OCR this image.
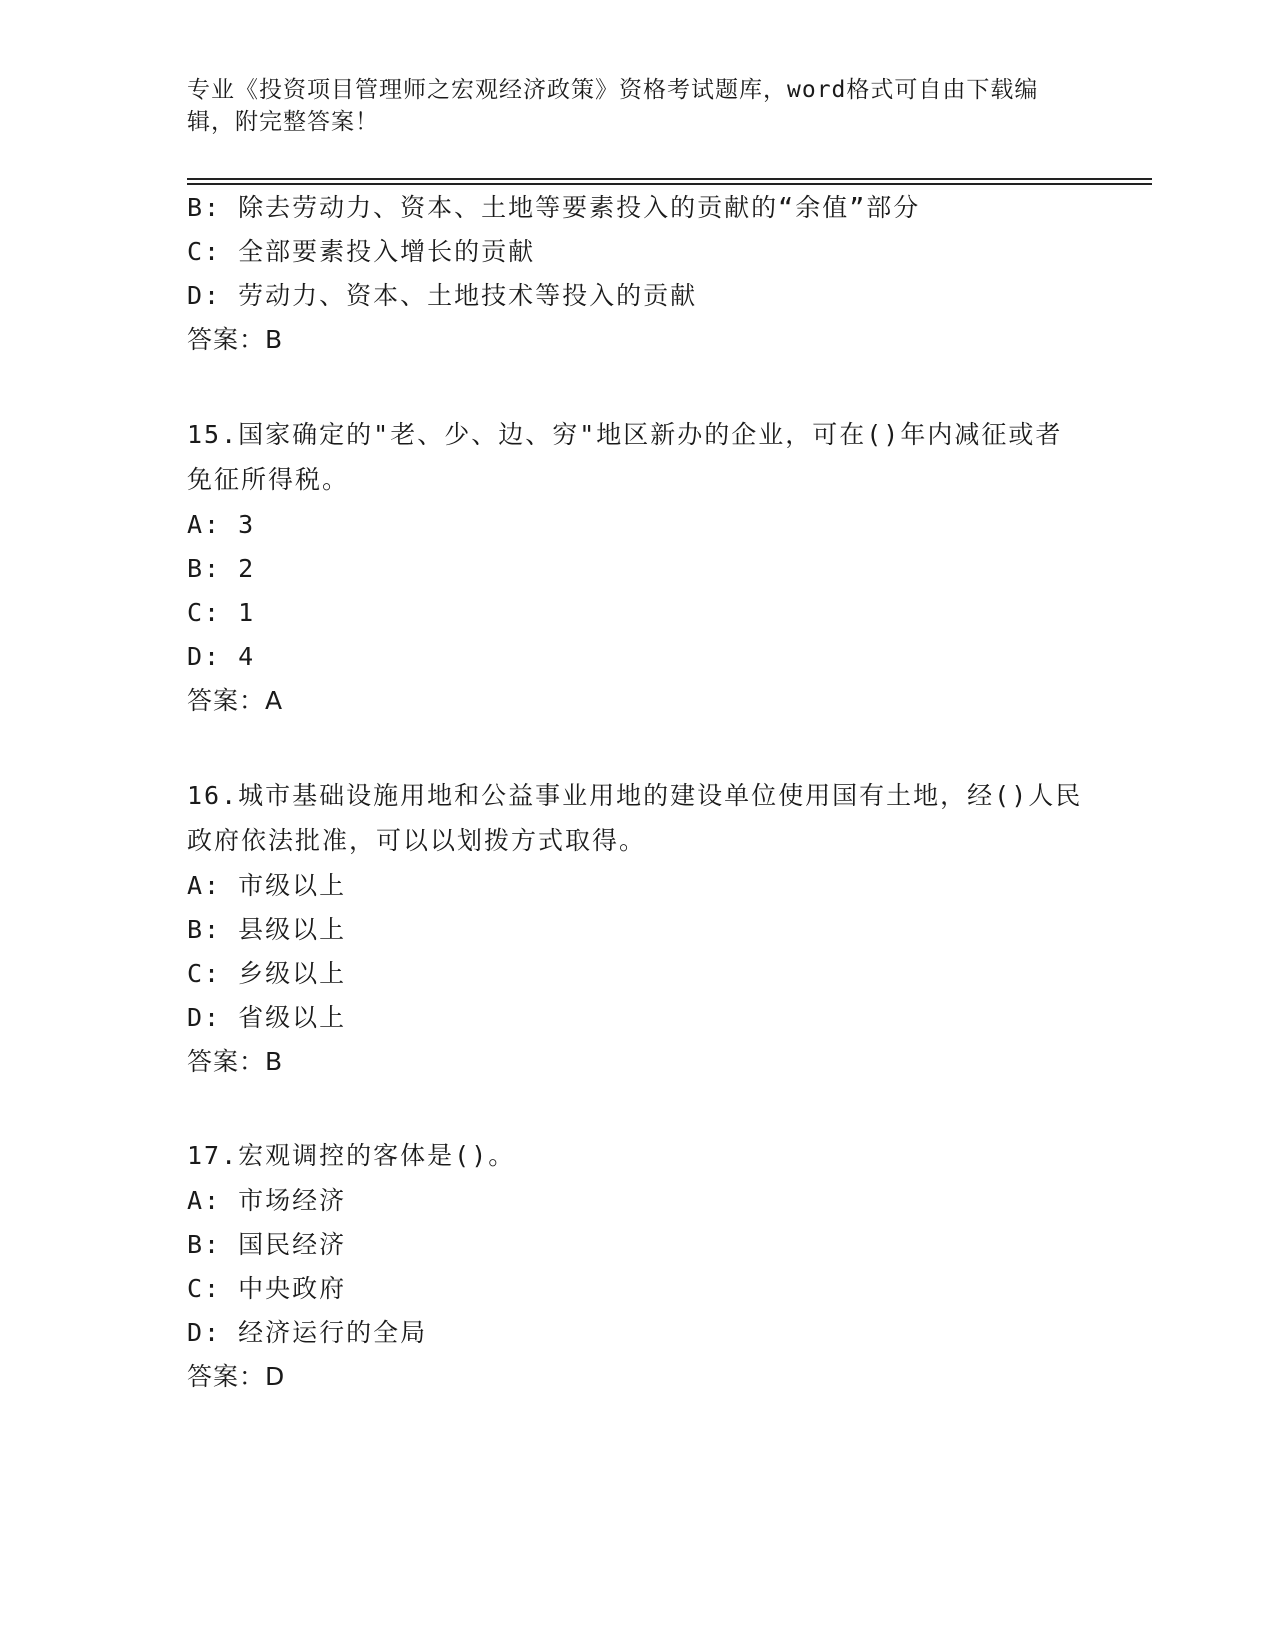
专业《投资项目管理师之宏观经济政策》资格考试题库，word格式可自由下载编辑，附完整答案！

B: 除去劳动力、资本、土地等要素投入的贡献的“余值”部分

C: 全部要素投入增长的贡献

D: 劳动力、资本、土地技术等投入的贡献

答案：B

15.国家确定的"老、少、边、穷"地区新办的企业，可在()年内减征或者免征所得税。

A: 3

B: 2

C: 1

D: 4

答案：A

16.城市基础设施用地和公益事业用地的建设单位使用国有土地，经()人民政府依法批准，可以以划拨方式取得。

A: 市级以上

B: 县级以上

C: 乡级以上

D: 省级以上

答案：B

17.宏观调控的客体是()。

A: 市场经济

B: 国民经济

C: 中央政府

D: 经济运行的全局

答案：D
